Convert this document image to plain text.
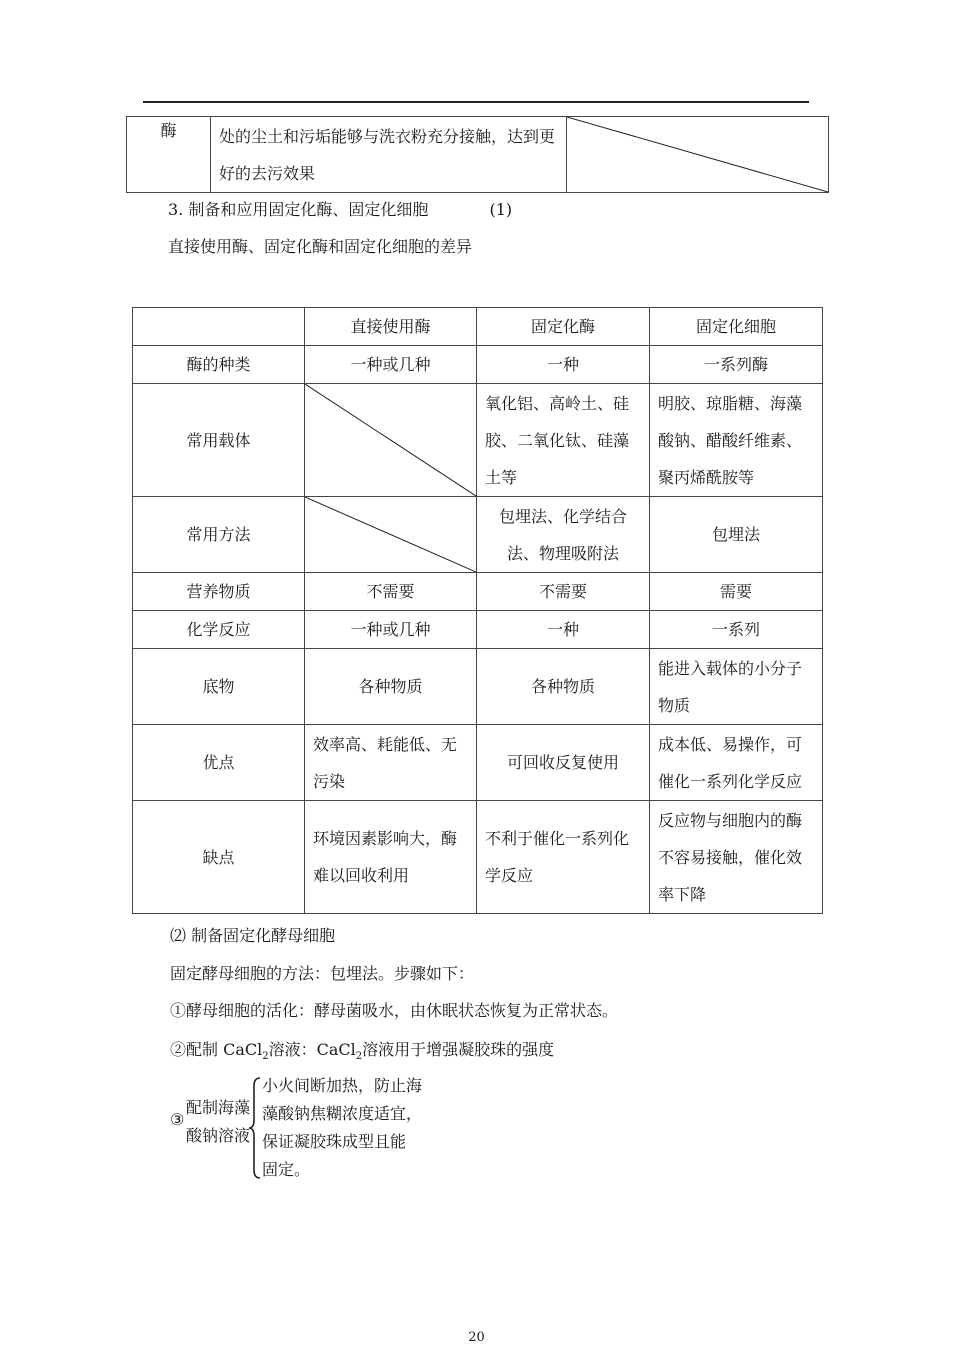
酶	处的尘土和污垢能够与洗衣粉充分接触，达到更好的去污效果	
3. 制备和应用固定化酶、固定化细胞	(1)
直接使用酶、固定化酶和固定化细胞的差异
	直接使用酶	固定化酶	固定化细胞
酶的种类	一种或几种	一种	一系列酶
常用载体		氧化铝、高岭土、硅胶、二氧化钛、硅藻土等	明胶、琼脂糖、海藻酸钠、醋酸纤维素、聚丙烯酰胺等
常用方法		包埋法、化学结合法、物理吸附法	包埋法
营养物质	不需要	不需要	需要
化学反应	一种或几种	一种	一系列
底物	各种物质	各种物质	能进入载体的小分子物质
优点	效率高、耗能低、无污染	可回收反复使用	成本低、易操作，可催化一系列化学反应
缺点	环境因素影响大，酶难以回收利用	不利于催化一系列化学反应	反应物与细胞内的酶不容易接触，催化效率下降
⑵ 制备固定化酵母细胞
固定酵母细胞的方法：包埋法。步骤如下：
①酵母细胞的活化：酵母菌吸水，由休眠状态恢复为正常状态。
②配制 CaCl$_2$溶液：CaCl$_2$溶液用于增强凝胶珠的强度
③
配制海藻
酸钠溶液
小火间断加热，防止海
藻酸钠焦糊浓度适宜，
保证凝胶珠成型且能
固定。
20
